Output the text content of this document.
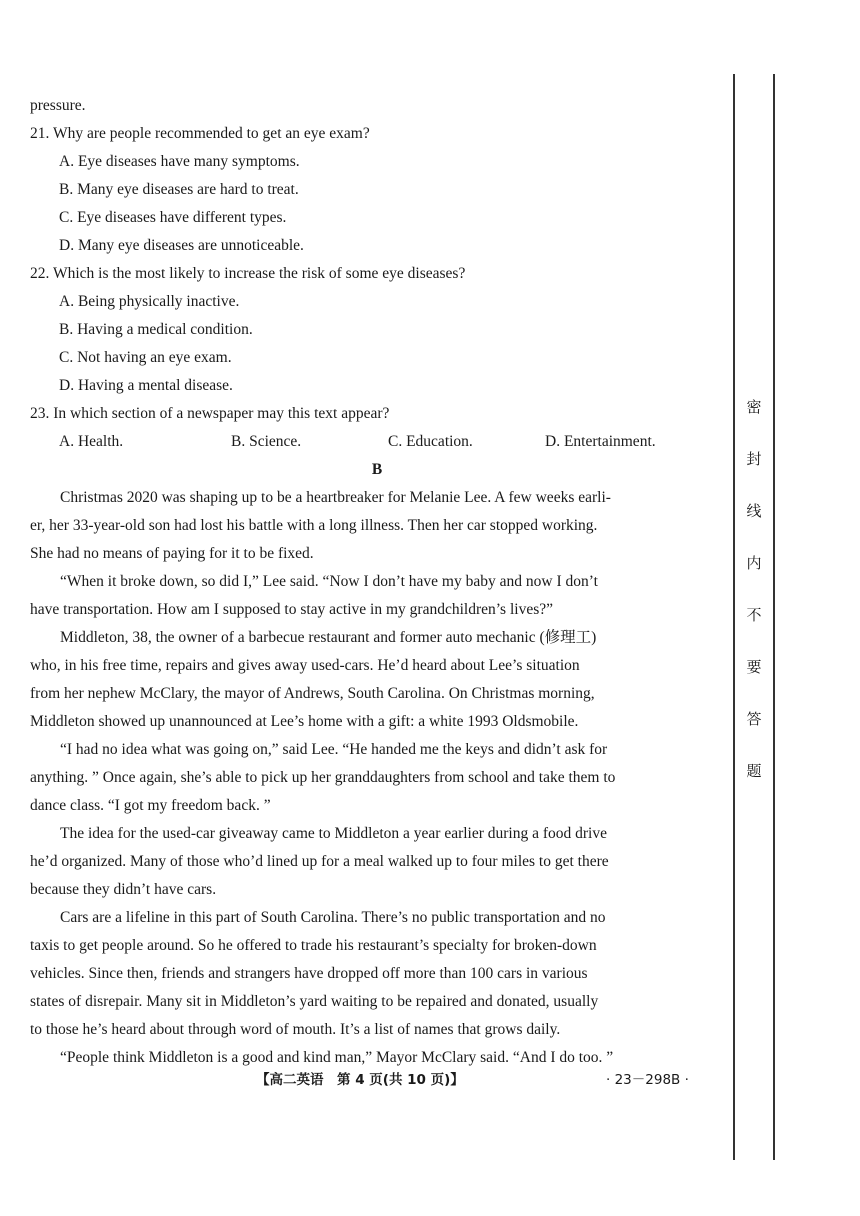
pressure.
21. Why are people recommended to get an eye exam?
A. Eye diseases have many symptoms.
B. Many eye diseases are hard to treat.
C. Eye diseases have different types.
D. Many eye diseases are unnoticeable.
22. Which is the most likely to increase the risk of some eye diseases?
A. Being physically inactive.
B. Having a medical condition.
C. Not having an eye exam.
D. Having a mental disease.
23. In which section of a newspaper may this text appear?
A. Health.	B. Science.	C. Education.	D. Entertainment.
B
Christmas 2020 was shaping up to be a heartbreaker for Melanie Lee. A few weeks earli-
er, her 33-year-old son had lost his battle with a long illness. Then her car stopped working.
She had no means of paying for it to be fixed.
“When it broke down, so did I,” Lee said. “Now I don’t have my baby and now I don’t
have transportation. How am I supposed to stay active in my grandchildren’s lives?”
Middleton, 38, the owner of a barbecue restaurant and former auto mechanic (修理工)
who, in his free time, repairs and gives away used-cars. He’d heard about Lee’s situation
from her nephew McClary, the mayor of Andrews, South Carolina. On Christmas morning,
Middleton showed up unannounced at Lee’s home with a gift: a white 1993 Oldsmobile.
“I had no idea what was going on,” said Lee. “He handed me the keys and didn’t ask for
anything. ” Once again, she’s able to pick up her granddaughters from school and take them to
dance class. “I got my freedom back. ”
The idea for the used-car giveaway came to Middleton a year earlier during a food drive
he’d organized. Many of those who’d lined up for a meal walked up to four miles to get there
because they didn’t have cars.
Cars are a lifeline in this part of South Carolina. There’s no public transportation and no
taxis to get people around. So he offered to trade his restaurant’s specialty for broken-down
vehicles. Since then, friends and strangers have dropped off more than 100 cars in various
states of disrepair. Many sit in Middleton’s yard waiting to be repaired and donated, usually
to those he’s heard about through word of mouth. It’s a list of names that grows daily.
“People think Middleton is a good and kind man,” Mayor McClary said. “And I do too. ”
【高二英语　第 4 页(共 10 页)】	· 23－298B ·
密
封
线
内
不
要
答
题
